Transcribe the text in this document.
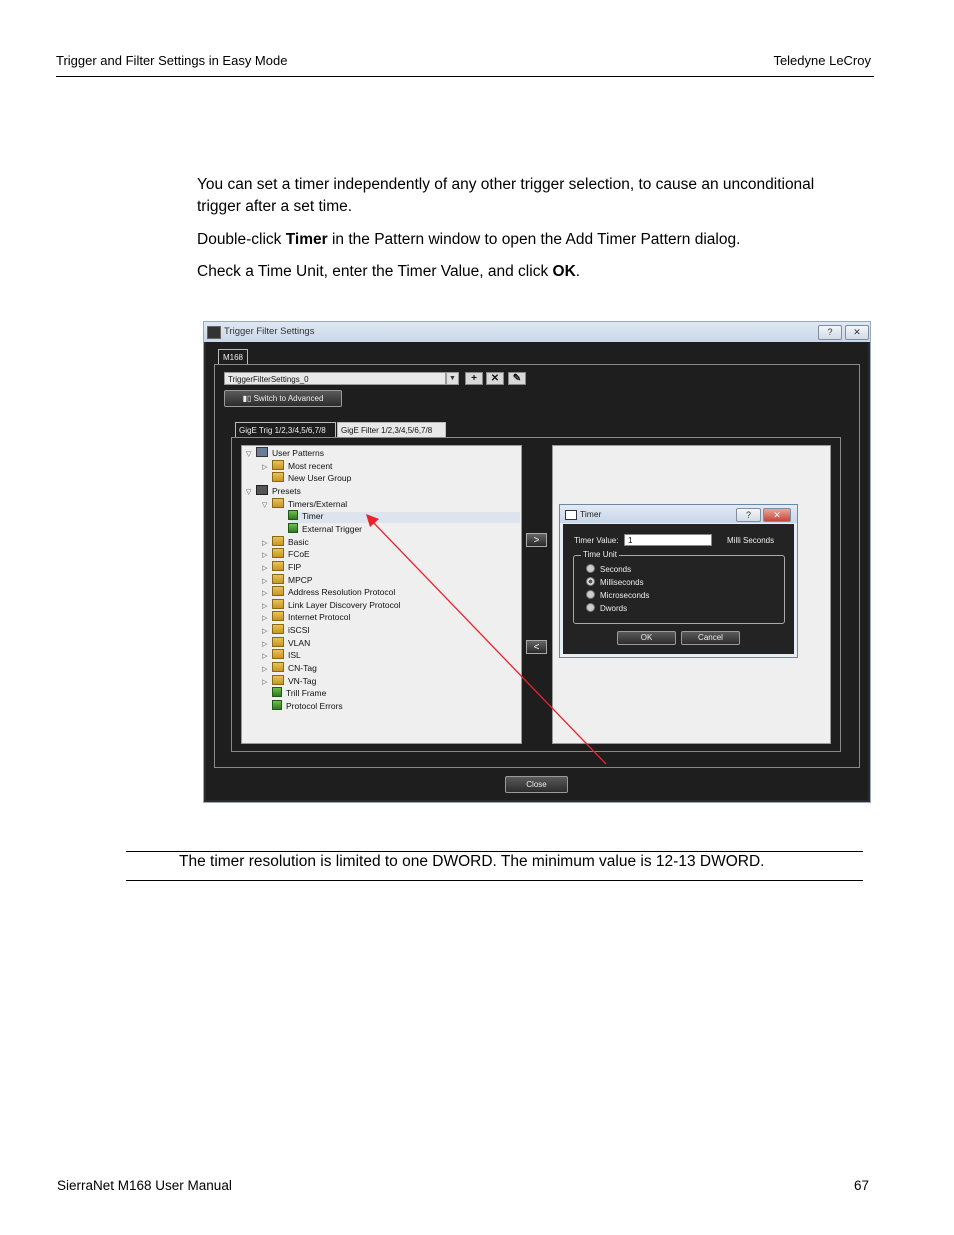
Trigger and Filter Settings in Easy Mode	Teledyne LeCroy
You can set a timer independently of any other trigger selection, to cause an unconditional trigger after a set time.
Double-click Timer in the Pattern window to open the Add Timer Pattern dialog.
Check a Time Unit, enter the Timer Value, and click OK.
Trigger Filter Settings	?	✕
M168
TriggerFilterSettings_0	▼	+	✕	✎
▮▯ Switch to Advanced
GigE Trig 1/2,3/4,5/6,7/8	GigE Filter 1/2,3/4,5/6,7/8
>
<
Timer	?	✕
Timer Value:	1	Milli Seconds
Time Unit
Seconds
Milliseconds
Microseconds
Dwords
OK	Cancel
Close
▽ User Patterns
▷ Most recent
New User Group
▽ Presets
▽ Timers/External
Timer
External Trigger
▷ Basic
▷ FCoE
▷ FIP
▷ MPCP
▷ Address Resolution Protocol
▷ Link Layer Discovery Protocol
▷ Internet Protocol
▷ iSCSI
▷ VLAN
▷ ISL
▷ CN-Tag
▷ VN-Tag
Trill Frame
Protocol Errors
The timer resolution is limited to one DWORD. The minimum value is 12-13 DWORD.
SierraNet M168 User Manual	67
